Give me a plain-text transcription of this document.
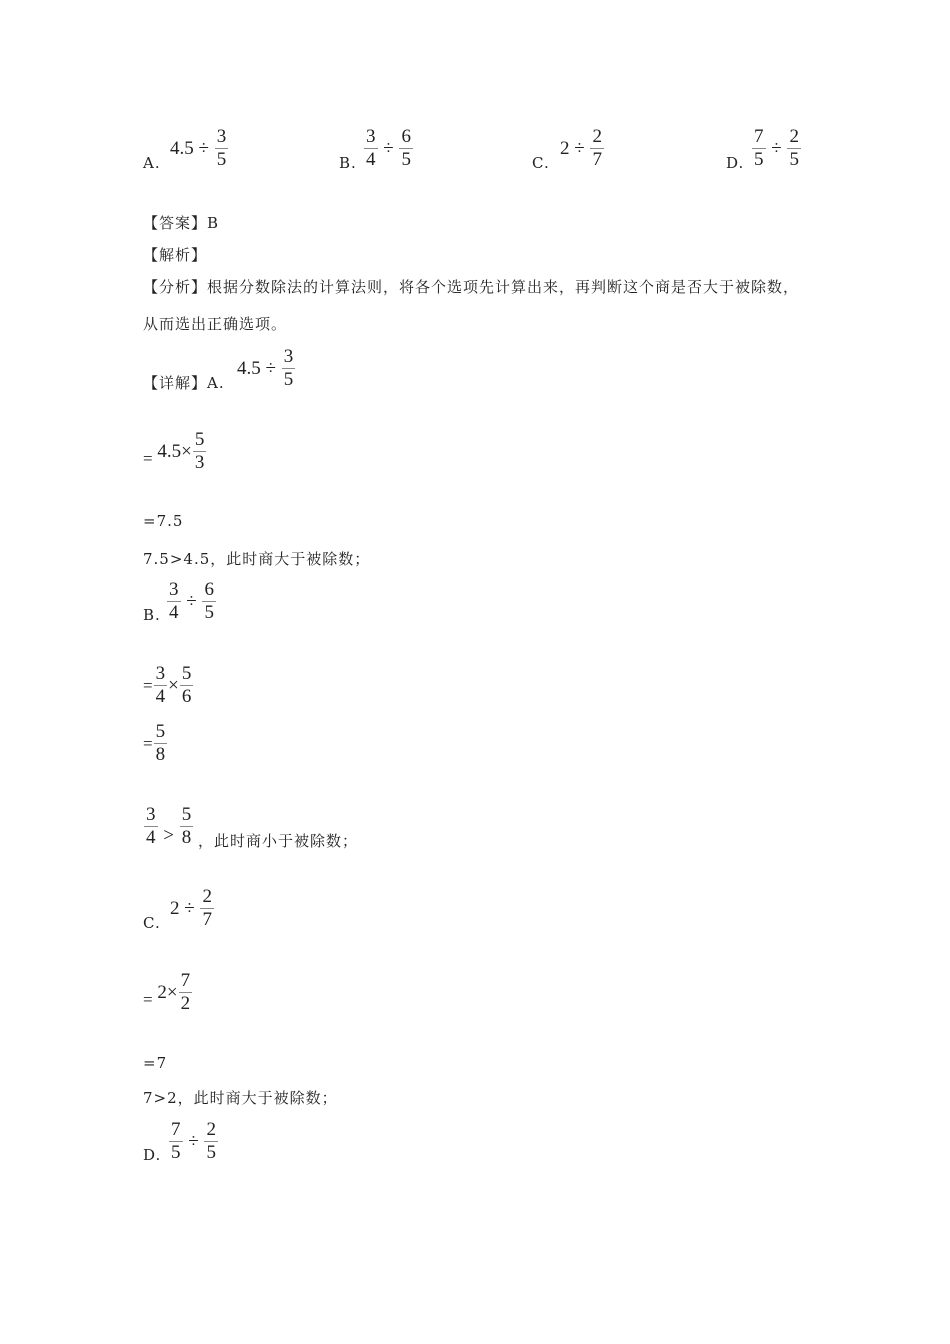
A.
$4.5 \div \frac{3}{5}$	B. $\frac{3}{4} \div \frac{6}{5}$	C.
$2 \div \frac{2}{7}$	D. $\frac{7}{5} \div \frac{2}{5}$
【答案】B
【解析】
【分析】根据分数除法的计算法则，将各个选项先计算出来，再判断这个商是否大于被除数，
从而选出正确选项。
【详解】A.
$4.5 \div \frac{3}{5}$
= $4.5\times \frac{5}{3}$
=7.5
7.5>4.5，此时商大于被除数；
B. $\frac{3}{4} \div \frac{6}{5}$
= $\frac{3}{4} \times \frac{5}{6}$
= $\frac{5}{8}$
$\frac{3}{4} > \frac{5}{8}$ ，此时商小于被除数；
C.
$2 \div \frac{2}{7}$
= $2\times \frac{7}{2}$
=7
7>2，此时商大于被除数；
D. $\frac{7}{5} \div \frac{2}{5}$
